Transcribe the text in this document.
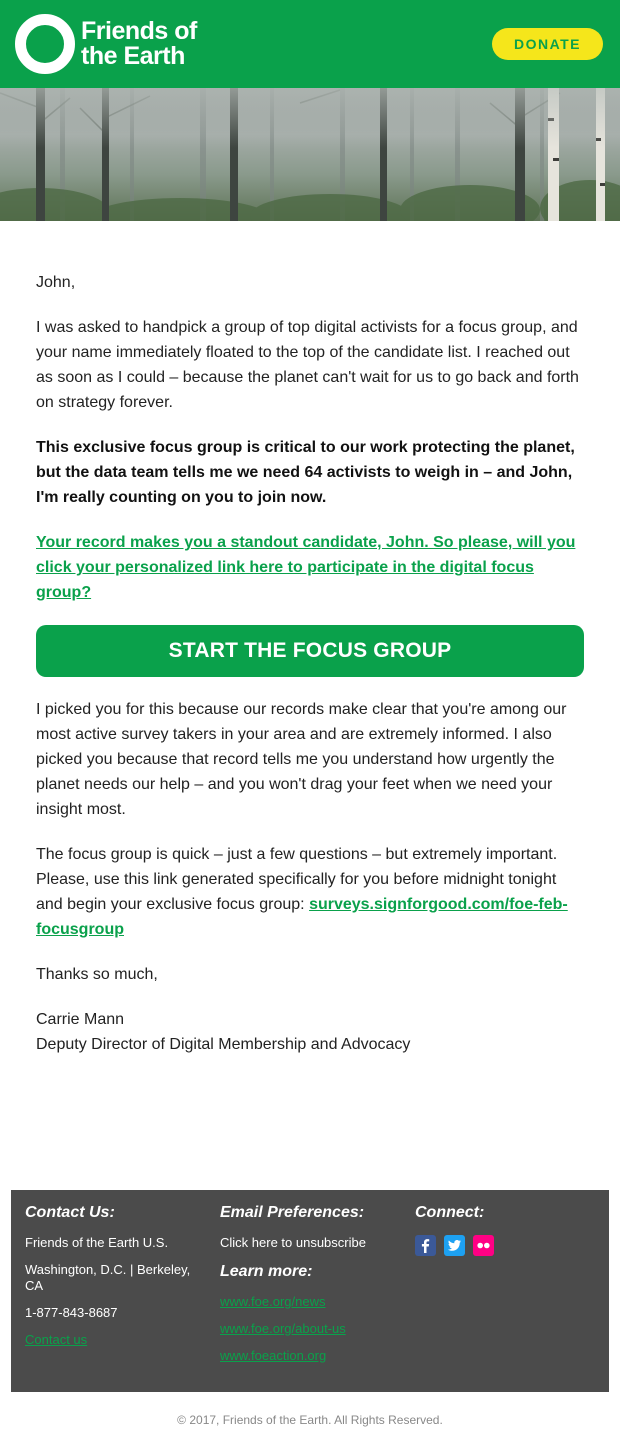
Friends of
the Earth	DONATE
John,
I was asked to handpick a group of top digital activists for a focus group, and your name immediately floated to the top of the candidate list. I reached out as soon as I could – because the planet can't wait for us to go back and forth on strategy forever.
This exclusive focus group is critical to our work protecting the planet, but the data team tells me we need 64 activists to weigh in – and John, I'm really counting on you to join now.
Your record makes you a standout candidate, John. So please, will you click your personalized link here to participate in the digital focus group?
START THE FOCUS GROUP
I picked you for this because our records make clear that you're among our most active survey takers in your area and are extremely informed. I also picked you because that record tells me you understand how urgently the planet needs our help – and you won't drag your feet when we need your insight most.
The focus group is quick – just a few questions – but extremely important. Please, use this link generated specifically for you before midnight tonight and begin your exclusive focus group: surveys.signforgood.com/foe-feb-focusgroup
Thanks so much,
Carrie Mann
Deputy Director of Digital Membership and Advocacy
Contact Us:
Friends of the Earth U.S.
Washington, D.C. | Berkeley, CA
1-877-843-8687
Contact us
Email Preferences:
Click here to unsubscribe
Learn more:
www.foe.org/news
www.foe.org/about-us
www.foeaction.org
Connect:
© 2017, Friends of the Earth. All Rights Reserved.
